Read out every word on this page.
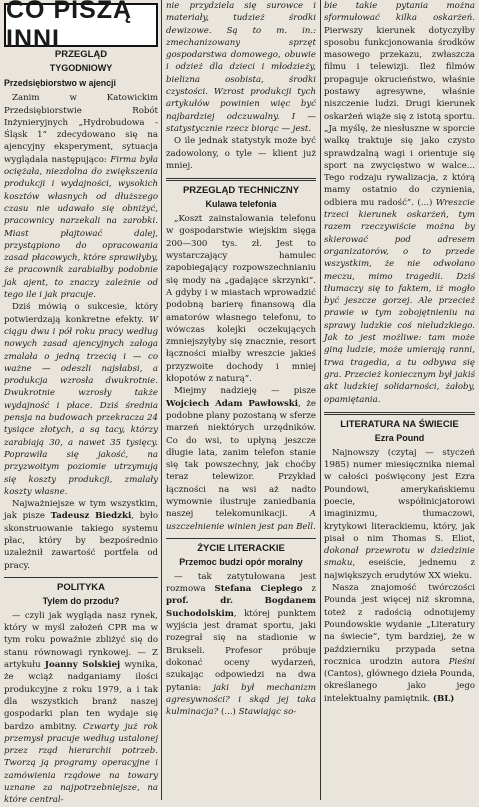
CO PISZĄ INNI
PRZEGLĄD
TYGODNIOWY
Przedsiębiorstwo w ajencji

Zanim w Katowickim Przedsiębiorstwie Robót Inżynieryjnych „Hydrobudowa - Śląsk 1” zdecydowano się na ajencyjny eksperyment, sytuacja wyglądala następująco: Firma była ociężała, niezdolna do zwiększenia produkcji i wydajności, wysokich kosztów własnych od dłuższego czasu nie udawało się obniżyć, pracownicy narzekali na zarobki. Miast płajtować dalej, przystąpiono do opracowania zasad płacowych, które sprawiłyby, że pracownik zarabiałby podobnie jak ajent, to znaczy zależnie od tego ile i jak pracuje.

Dziś mówią o sukcesie, który potwierdzają konkretne efekty. W ciągu dwu i pół roku pracy według nowych zasad ajencyjnych załoga zmalała o jedną trzecią i — co ważne — odeszli najsłabsi, a produkcja wzrosła dwukrotnie. Dwukrotnie wzrosły także wydajność i płace. Dziś średnia pensja na budowach przekracza 24 tysiące złotych, a są tacy, którzy zarabiają 30, a nawet 35 tysięcy. Poprawiła się jakość, na przyzwoitym poziomie utrzymują się koszty produkcji, zmalały koszty własne.

Najważniejsze w tym wszystkim, jak pisze Tadeusz Biedzki, było skonstruowanie takiego systemu płac, który by bezpośrednio uzależnił zawartość portfela od pracy.

POLITYKA
Tylem do przodu?

— czyli jak wygląda nasz rynek, który w myśl założeń CPR ma w tym roku powaźnie zbliżyć się do stanu równowagi rynkowej. — Z artykułu Joanny Solskiej wynika, że wciąż nadganiamy ilości produkcyjne z roku 1979, a i tak dla wszystkich branż naszej gospodarki plan ten wydaje się bardzo ambitny. Czwarty już rok przemysł pracuje według ustalonej przez rząd hierarchii potrzeb. Tworzą ją programy operacyjne i zamówienia rządowe na towary uznane za najpotrzebniejsze, na które central-

nie przydziela się surowce i materiały, tudzież środki dewizowe. Są to m. in.: zmechanizowany sprzęt gospodarstwa domowego, obuwie i odzież dla dzieci i młodzieży, bielizna osobista, środki czystości. Wzrost produkcji tych artykułów powinien więc być najbardziej odczuwalny. I — statystycznie rzecz biorąc — jest.

O ile jednak statystyk może być zadowolony, o tyle — klient już mniej.

PRZEGLĄD TECHNICZNY
Kulawa telefonia

„Koszt zainstalowania telefonu w gospodarstwie wiejskim sięga 200—300 tys. zł. Jest to wystarczający hamulec zapobiegający rozpowszechnianiu się mody na „gadające skrzynki”. A gdyby i w miastach wprowadzić podobną barierę finansową dla amatorów własnego telefonu, to wówczas kolejki oczekujących zmniejszyłyby się znacznie, resort łączności miałby wreszcie jakieś przyzwoite dochody i mniej kłopotów z naturą”.

Miejmy nadzieję — pisze Wojciech Adam Pawłowski, że podobne plany pozostaną w sferze marzeń niektórych urzędników. Co do wsi, to upłyną jeszcze długie lata, zanim telefon stanie się tak powszechny, jak choćby teraz telewizor. Przykład łączności na wsi aż nadto wymownie ilustruje zaniedbania naszej telekomunikacji. A uszczelnienie winien jest pan Bell.

ŻYCIE LITERACKIE
Przemoc budzi opór moralny

— tak zatytułowana jest rozmowa Stefana Cieplego z prof. dr. Bogdanem Suchodolskim, której punktem wyjścia jest dramat sportu, jaki rozegrał się na stadionie w Brukseli. Profesor próbuje dokonać oceny wydarzeń, szukając odpowiedzi na dwa pytania: jaki był mechanizm agresywności? i skąd jej taka kulminacja? (...) Stawiając so-

bie takie pytania można sformułować kilka oskarżeń. Pierwszy kierunek dotyczyłby sposobu funkcjonowania środków masowego przekazu, zwłaszcza filmu i telewizji. Ileż filmów propaguje okrucieństwo, właśnie postawy agresywne, właśnie niszczenie ludzi. Drugi kierunek oskarżeń wiąże się z istotą sportu. „Ja myślę, że niesłuszne w sporcie walkę traktuje się jako czysto sprawdzalną wagi i orientuje się sport na zwycięstwo w walce... Tego rodzaju rywalizacja, z którą mamy ostatnio do czynienia, odbiera mu radość”. (...) Wreszcie trzeci kierunek oskarżeń, tym razem rzeczywiście można by skierować pod adresem organizatorów, o to przede wszystkim, że nie odwołano meczu, mimo tragedii. Dziś tłumaczy się to faktem, iż mogło być jeszcze gorzej. Ale przecież prawie w tym zobojętnieniu na sprawy ludzkie coś nieludzkiego. Jak to jest możliwe: tam może giną ludzie, może umierają ranni, trwa tragedia, a tu odbywa się gra. Przecież koniecznym był jakiś akt ludzkiej solidarności, żałoby, opamiętania.

LITERATURA NA ŚWIECIE
Ezra Pound

Najnowszy (czytaj — styczeń 1985) numer miesięcznika niemal w całości poświęcony jest Ezra Poundowi, amerykańskiemu poecie, współinicjatorowi imaginizmu, tłumaczowi, krytykowi literackiemu, który, jak pisał o nim Thomas S. Eliot, dokonał przewrotu w dziedzinie smaku, eseiście, jednemu z największych erudytów XX wieku.

Nasza znajomość twórczości Pounda jest więcej niż skromna, toteż z radością odnotujemy Poundowskie wydanie „Literatury na świecie”, tym bardziej, że w październiku przypada setna rocznica urodzin autora Pieśni (Cantos), głównego dzieła Pounda, określanego jako jego intelektualny pamiętnik. (BL)
